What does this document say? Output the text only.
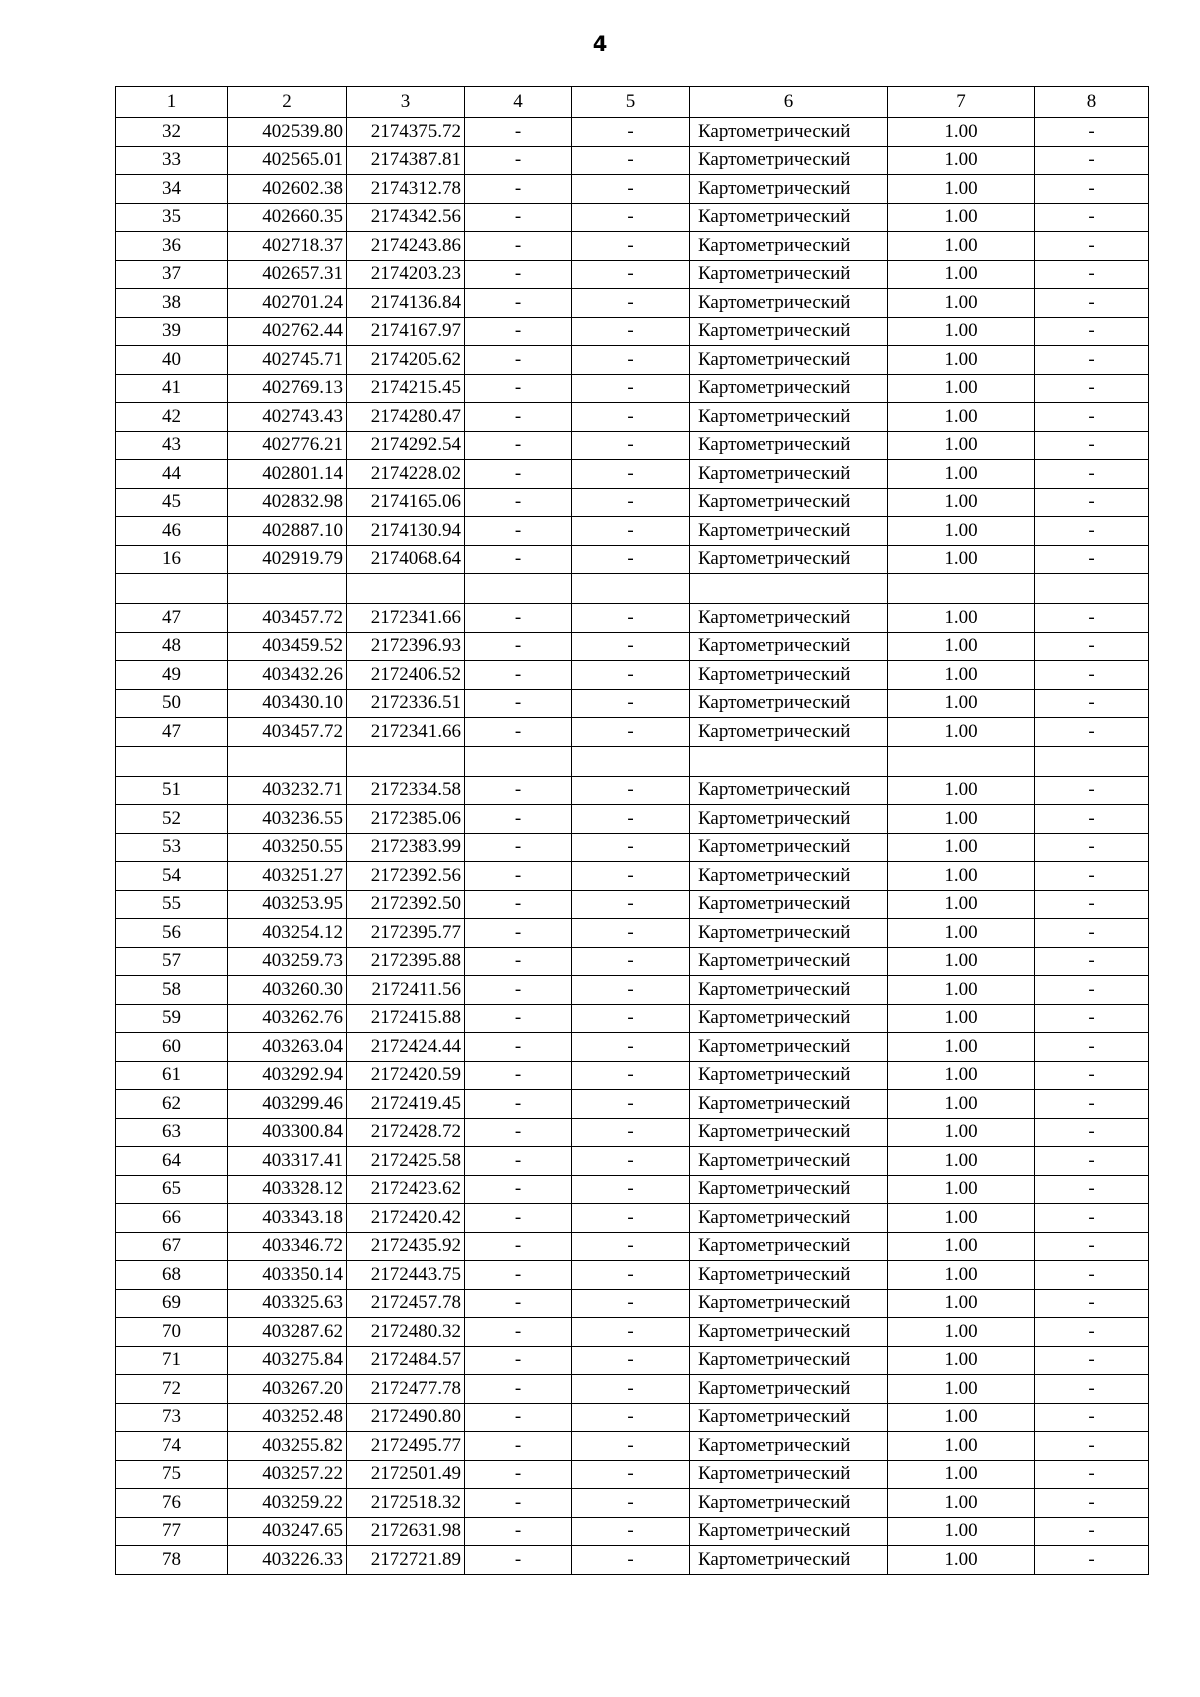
4
1	2	3	4	5	6	7	8
32	402539.80	2174375.72	-	-	Картометрический	1.00	-
33	402565.01	2174387.81	-	-	Картометрический	1.00	-
34	402602.38	2174312.78	-	-	Картометрический	1.00	-
35	402660.35	2174342.56	-	-	Картометрический	1.00	-
36	402718.37	2174243.86	-	-	Картометрический	1.00	-
37	402657.31	2174203.23	-	-	Картометрический	1.00	-
38	402701.24	2174136.84	-	-	Картометрический	1.00	-
39	402762.44	2174167.97	-	-	Картометрический	1.00	-
40	402745.71	2174205.62	-	-	Картометрический	1.00	-
41	402769.13	2174215.45	-	-	Картометрический	1.00	-
42	402743.43	2174280.47	-	-	Картометрический	1.00	-
43	402776.21	2174292.54	-	-	Картометрический	1.00	-
44	402801.14	2174228.02	-	-	Картометрический	1.00	-
45	402832.98	2174165.06	-	-	Картометрический	1.00	-
46	402887.10	2174130.94	-	-	Картометрический	1.00	-
16	402919.79	2174068.64	-	-	Картометрический	1.00	-

47	403457.72	2172341.66	-	-	Картометрический	1.00	-
48	403459.52	2172396.93	-	-	Картометрический	1.00	-
49	403432.26	2172406.52	-	-	Картометрический	1.00	-
50	403430.10	2172336.51	-	-	Картометрический	1.00	-
47	403457.72	2172341.66	-	-	Картометрический	1.00	-

51	403232.71	2172334.58	-	-	Картометрический	1.00	-
52	403236.55	2172385.06	-	-	Картометрический	1.00	-
53	403250.55	2172383.99	-	-	Картометрический	1.00	-
54	403251.27	2172392.56	-	-	Картометрический	1.00	-
55	403253.95	2172392.50	-	-	Картометрический	1.00	-
56	403254.12	2172395.77	-	-	Картометрический	1.00	-
57	403259.73	2172395.88	-	-	Картометрический	1.00	-
58	403260.30	2172411.56	-	-	Картометрический	1.00	-
59	403262.76	2172415.88	-	-	Картометрический	1.00	-
60	403263.04	2172424.44	-	-	Картометрический	1.00	-
61	403292.94	2172420.59	-	-	Картометрический	1.00	-
62	403299.46	2172419.45	-	-	Картометрический	1.00	-
63	403300.84	2172428.72	-	-	Картометрический	1.00	-
64	403317.41	2172425.58	-	-	Картометрический	1.00	-
65	403328.12	2172423.62	-	-	Картометрический	1.00	-
66	403343.18	2172420.42	-	-	Картометрический	1.00	-
67	403346.72	2172435.92	-	-	Картометрический	1.00	-
68	403350.14	2172443.75	-	-	Картометрический	1.00	-
69	403325.63	2172457.78	-	-	Картометрический	1.00	-
70	403287.62	2172480.32	-	-	Картометрический	1.00	-
71	403275.84	2172484.57	-	-	Картометрический	1.00	-
72	403267.20	2172477.78	-	-	Картометрический	1.00	-
73	403252.48	2172490.80	-	-	Картометрический	1.00	-
74	403255.82	2172495.77	-	-	Картометрический	1.00	-
75	403257.22	2172501.49	-	-	Картометрический	1.00	-
76	403259.22	2172518.32	-	-	Картометрический	1.00	-
77	403247.65	2172631.98	-	-	Картометрический	1.00	-
78	403226.33	2172721.89	-	-	Картометрический	1.00	-
